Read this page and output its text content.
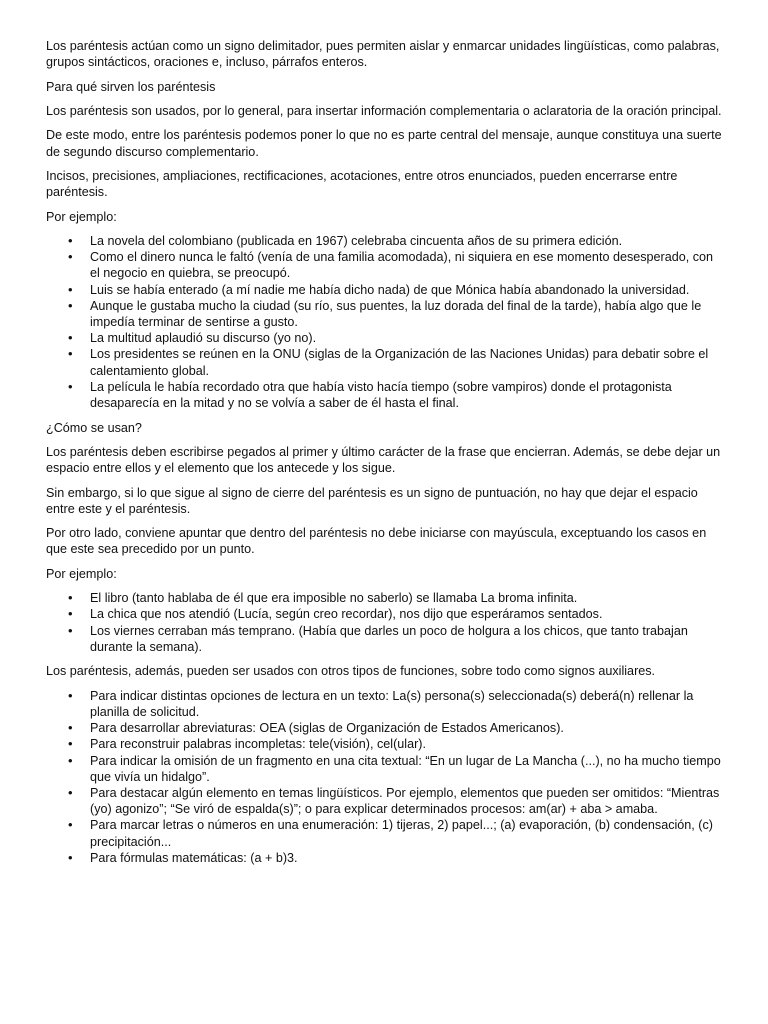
Los paréntesis actúan como un signo delimitador, pues permiten aislar y enmarcar unidades lingüísticas, como palabras, grupos sintácticos, oraciones e, incluso, párrafos enteros.

Para qué sirven los paréntesis

Los paréntesis son usados, por lo general, para insertar información complementaria o aclaratoria de la oración principal.

De este modo, entre los paréntesis podemos poner lo que no es parte central del mensaje, aunque constituya una suerte de segundo discurso complementario.

Incisos, precisiones, ampliaciones, rectificaciones, acotaciones, entre otros enunciados, pueden encerrarse entre paréntesis.

Por ejemplo:

• La novela del colombiano (publicada en 1967) celebraba cincuenta años de su primera edición.
• Como el dinero nunca le faltó (venía de una familia acomodada), ni siquiera en ese momento desesperado, con el negocio en quiebra, se preocupó.
• Luis se había enterado (a mí nadie me había dicho nada) de que Mónica había abandonado la universidad.
• Aunque le gustaba mucho la ciudad (su río, sus puentes, la luz dorada del final de la tarde), había algo que le impedía terminar de sentirse a gusto.
• La multitud aplaudió su discurso (yo no).
• Los presidentes se reúnen en la ONU (siglas de la Organización de las Naciones Unidas) para debatir sobre el calentamiento global.
• La película le había recordado otra que había visto hacía tiempo (sobre vampiros) donde el protagonista desaparecía en la mitad y no se volvía a saber de él hasta el final.

¿Cómo se usan?

Los paréntesis deben escribirse pegados al primer y último carácter de la frase que encierran. Además, se debe dejar un espacio entre ellos y el elemento que los antecede y los sigue.

Sin embargo, si lo que sigue al signo de cierre del paréntesis es un signo de puntuación, no hay que dejar el espacio entre este y el paréntesis.

Por otro lado, conviene apuntar que dentro del paréntesis no debe iniciarse con mayúscula, exceptuando los casos en que este sea precedido por un punto.

Por ejemplo:

• El libro (tanto hablaba de él que era imposible no saberlo) se llamaba La broma infinita.
• La chica que nos atendió (Lucía, según creo recordar), nos dijo que esperáramos sentados.
• Los viernes cerraban más temprano. (Había que darles un poco de holgura a los chicos, que tanto trabajan durante la semana).

Los paréntesis, además, pueden ser usados con otros tipos de funciones, sobre todo como signos auxiliares.

• Para indicar distintas opciones de lectura en un texto: La(s) persona(s) seleccionada(s) deberá(n) rellenar la planilla de solicitud.
• Para desarrollar abreviaturas: OEA (siglas de Organización de Estados Americanos).
• Para reconstruir palabras incompletas: tele(visión), cel(ular).
• Para indicar la omisión de un fragmento en una cita textual: “En un lugar de La Mancha (...), no ha mucho tiempo que vivía un hidalgo”.
• Para destacar algún elemento en temas lingüísticos. Por ejemplo, elementos que pueden ser omitidos: “Mientras (yo) agonizo”; “Se viró de espalda(s)”; o para explicar determinados procesos: am(ar) + aba > amaba.
• Para marcar letras o números en una enumeración: 1) tijeras, 2) papel...; (a) evaporación, (b) condensación, (c) precipitación...
• Para fórmulas matemáticas: (a + b)3.
